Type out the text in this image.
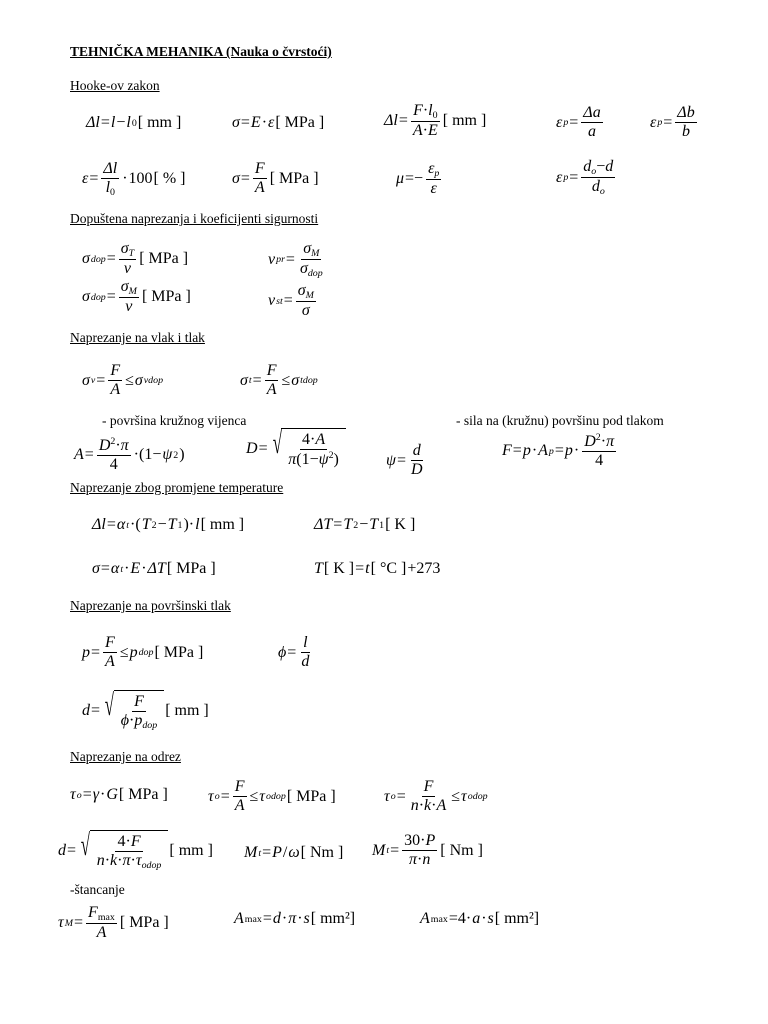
TEHNIČKA MEHANIKA (Nauka o čvrstoći)
Hooke-ov zakon
Δl = l − l 0 [ mm ]	σ = E · ε [ MPa ]	$\Delta l = \frac{F\cdot l_0}{A\cdot E}$ [ mm ]	ε $p = \frac{\Delta a}{a}$	ε $p = \frac{\Delta b}{b}$
$\varepsilon = \frac{\Delta l}{l_0} \cdot 100$ [ % ]	$\sigma = \frac{F}{A}$ [ MPa ]	$\mu =- \frac{\varepsilon_p}{\varepsilon}$	ε $p = \frac{d_o-d}{d_o}$
Dopuštena naprezanja i koeficijenti sigurnosti
σ dop = $\frac{\sigma_T}{\nu}$ [ MPa ]	ν pr =
$\sigma_M$
$\sigma_{dop}$
σ dop = $\frac{\sigma_M}{\nu}$ [ MPa ]	ν st = $\frac{\sigma_M}{\sigma}$
Naprezanje na vlak i tlak
σ $v = \frac{F}{A} \le \sigma$ vdop	σ $t = \frac{F}{A} \le \sigma$ tdop
- površina kružnog vijenca	- sila na (kružnu) površinu pod tlakom
$A = \frac{D^2\cdot\pi}{4} \cdot(1- \psi$ 2 )	D = √ 4·A
$\pi(1-\psi^2)$	$\psi = \frac{d}{D}$	F = p · A p = p ·
$D^2\cdot\pi$
4
Naprezanje zbog promjene temperature
Δl = α t ·( T 2 − T 1 )· l [ mm ]	ΔT = T 2 − T 1 [ K ]
σ = α t · E · ΔT [ MPa ]	T [ K ] = t [ °C ] +273
Naprezanje na površinski tlak
$p = \frac{F}{A} \le p$ dop [ MPa ]	$\phi = \frac{l}{d}$
d = √ F
$\phi\cdot p_{dop}$
[ mm ]
Naprezanje na odrez
τ o = γ · G [ MPa ]	τ $o = \frac{F}{A} \le \tau$ odop [ MPa ]	τ $o = \frac{F}{n\cdot k\cdot A} \le \tau$ odop
d = √ 4·F
$n\cdot k\cdot\pi\cdot\tau_{odop}$
[ mm ] M t = P / ω [ Nm ] M $t = \frac{30\cdot P}{\pi\cdot n}$ [ Nm ]
-štancanje
τ M =
$F_{max}$
A
[ MPa ]	A max = d · π · s [ mm²]	A max =4· a · s [ mm²]
